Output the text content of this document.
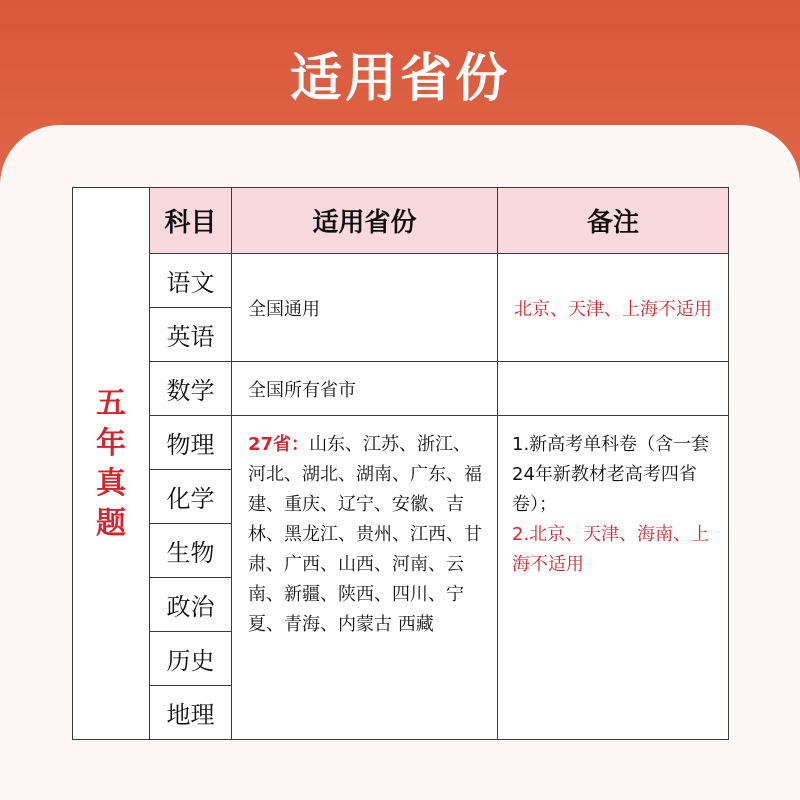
适用省份
五年真题	科目	适用省份	备注
	语文	全国通用	北京、天津、上海不适用
	英语		
	数学	全国所有省市	
	物理	27省：山东、江苏、浙江、河北、湖北、湖南、广东、福建、重庆、辽宁、安徽、吉林、黑龙江、贵州、江西、甘肃、广西、山西、河南、云南、新疆、陕西、四川、宁夏、青海、内蒙古 西藏	1.新高考单科卷（含一套24年新教材老高考四省卷）；
2.北京、天津、海南、上海不适用

	化学		
	生物		
	政治		
	历史		
	地理		
